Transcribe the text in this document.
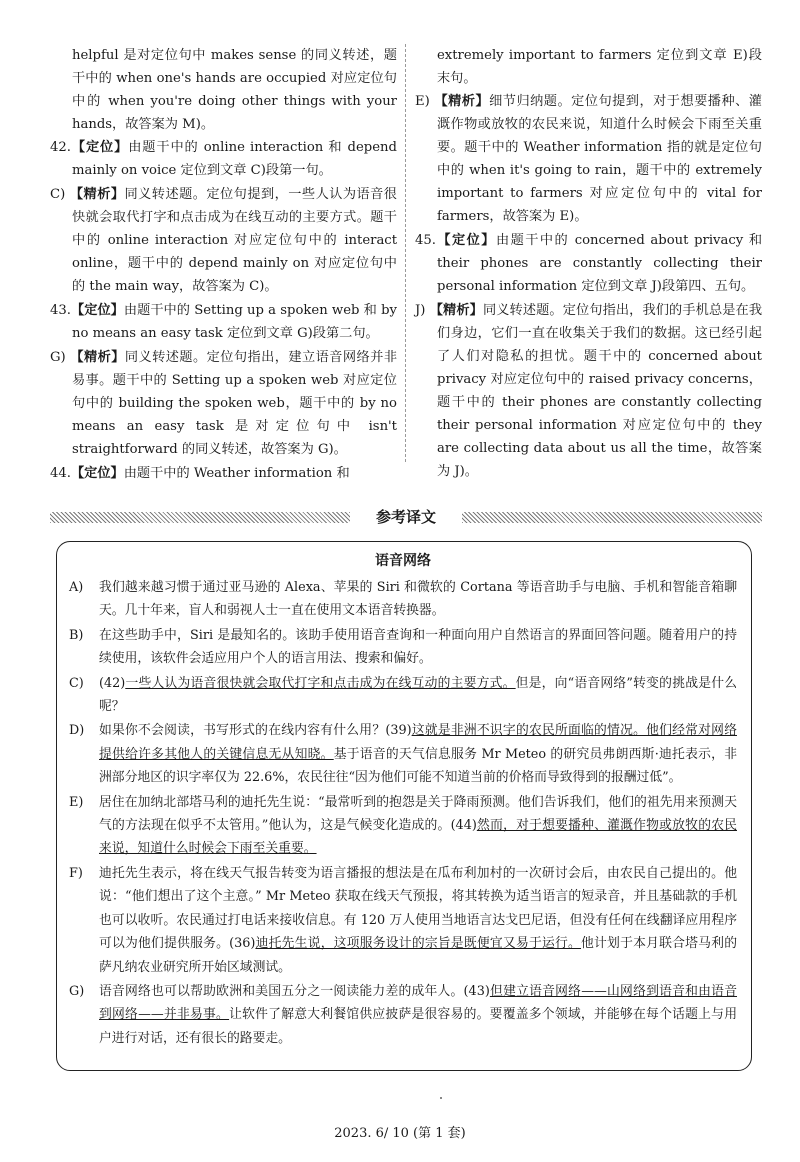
helpful 是对定位句中 makes sense 的同义转述，题干中的 when one's hands are occupied 对应定位句中的 when you're doing other things with your hands，故答案为 M)。
42.【定位】由题干中的 online interaction 和 depend mainly on voice 定位到文章 C)段第一句。
C) 【精析】同义转述题。定位句提到，一些人认为语音很快就会取代打字和点击成为在线互动的主要方式。题干中的 online interaction 对应定位句中的 interact online，题干中的 depend mainly on 对应定位句中的 the main way，故答案为 C)。
43.【定位】由题干中的 Setting up a spoken web 和 by no means an easy task 定位到文章 G)段第二句。
G) 【精析】同义转述题。定位句指出，建立语音网络并非易事。题干中的 Setting up a spoken web 对应定位句中的 building the spoken web，题干中的 by no means an easy task 是对定位句中 isn't straightforward 的同义转述，故答案为 G)。
44.【定位】由题干中的 Weather information 和
extremely important to farmers 定位到文章 E)段末句。
E) 【精析】细节归纳题。定位句提到，对于想要播种、灌溉作物或放牧的农民来说，知道什么时候会下雨至关重要。题干中的 Weather information 指的就是定位句中的 when it's going to rain，题干中的 extremely important to farmers 对应定位句中的 vital for farmers，故答案为 E)。
45.【定位】由题干中的 concerned about privacy 和 their phones are constantly collecting their personal information 定位到文章 J)段第四、五句。
J) 【精析】同义转述题。定位句指出，我们的手机总是在我们身边，它们一直在收集关于我们的数据。这已经引起了人们对隐私的担忧。题干中的 concerned about privacy 对应定位句中的 raised privacy concerns，题干中的 their phones are constantly collecting their personal information 对应定位句中的 they are collecting data about us all the time，故答案为 J)。
参考译文
语音网络
A) 我们越来越习惯于通过亚马逊的 Alexa、苹果的 Siri 和微软的 Cortana 等语音助手与电脑、手机和智能音箱聊天。几十年来，盲人和弱视人士一直在使用文本语音转换器。
B) 在这些助手中，Siri 是最知名的。该助手使用语音查询和一种面向用户自然语言的界面回答问题。随着用户的持续使用，该软件会适应用户个人的语言用法、搜索和偏好。
C) (42)一些人认为语音很快就会取代打字和点击成为在线互动的主要方式。但是，向“语音网络”转变的挑战是什么呢？
D) 如果你不会阅读，书写形式的在线内容有什么用？(39)这就是非洲不识字的农民所面临的情况。他们经常对网络提供给许多其他人的关键信息无从知晓。基于语音的天气信息服务 Mr Meteo 的研究员弗朗西斯·迪托表示，非洲部分地区的识字率仅为 22.6%，农民往往“因为他们可能不知道当前的价格而导致得到的报酬过低”。
E) 居住在加纳北部塔马利的迪托先生说：“最常听到的抱怨是关于降雨预测。他们告诉我们，他们的祖先用来预测天气的方法现在似乎不太管用。”他认为，这是气候变化造成的。(44)然而，对于想要播种、灌溉作物或放牧的农民来说，知道什么时候会下雨至关重要。
F) 迪托先生表示，将在线天气报告转变为语言播报的想法是在瓜布利加村的一次研讨会后，由农民自己提出的。他说：“他们想出了这个主意。” Mr Meteo 获取在线天气预报，将其转换为适当语言的短录音，并且基础款的手机也可以收听。农民通过打电话来接收信息。有 120 万人使用当地语言达戈巴尼语，但没有任何在线翻译应用程序可以为他们提供服务。(36)迪托先生说，这项服务设计的宗旨是既便宜又易于运行。他计划于本月联合塔马利的萨凡纳农业研究所开始区域测试。
G) 语音网络也可以帮助欧洲和美国五分之一阅读能力差的成年人。(43)但建立语音网络——山网络到语音和由语音到网络——并非易事。让软件了解意大利餐馆供应披萨是很容易的。要覆盖多个领域，并能够在每个话题上与用户进行对话，还有很长的路要走。
2023. 6/ 10 (第 1 套)
